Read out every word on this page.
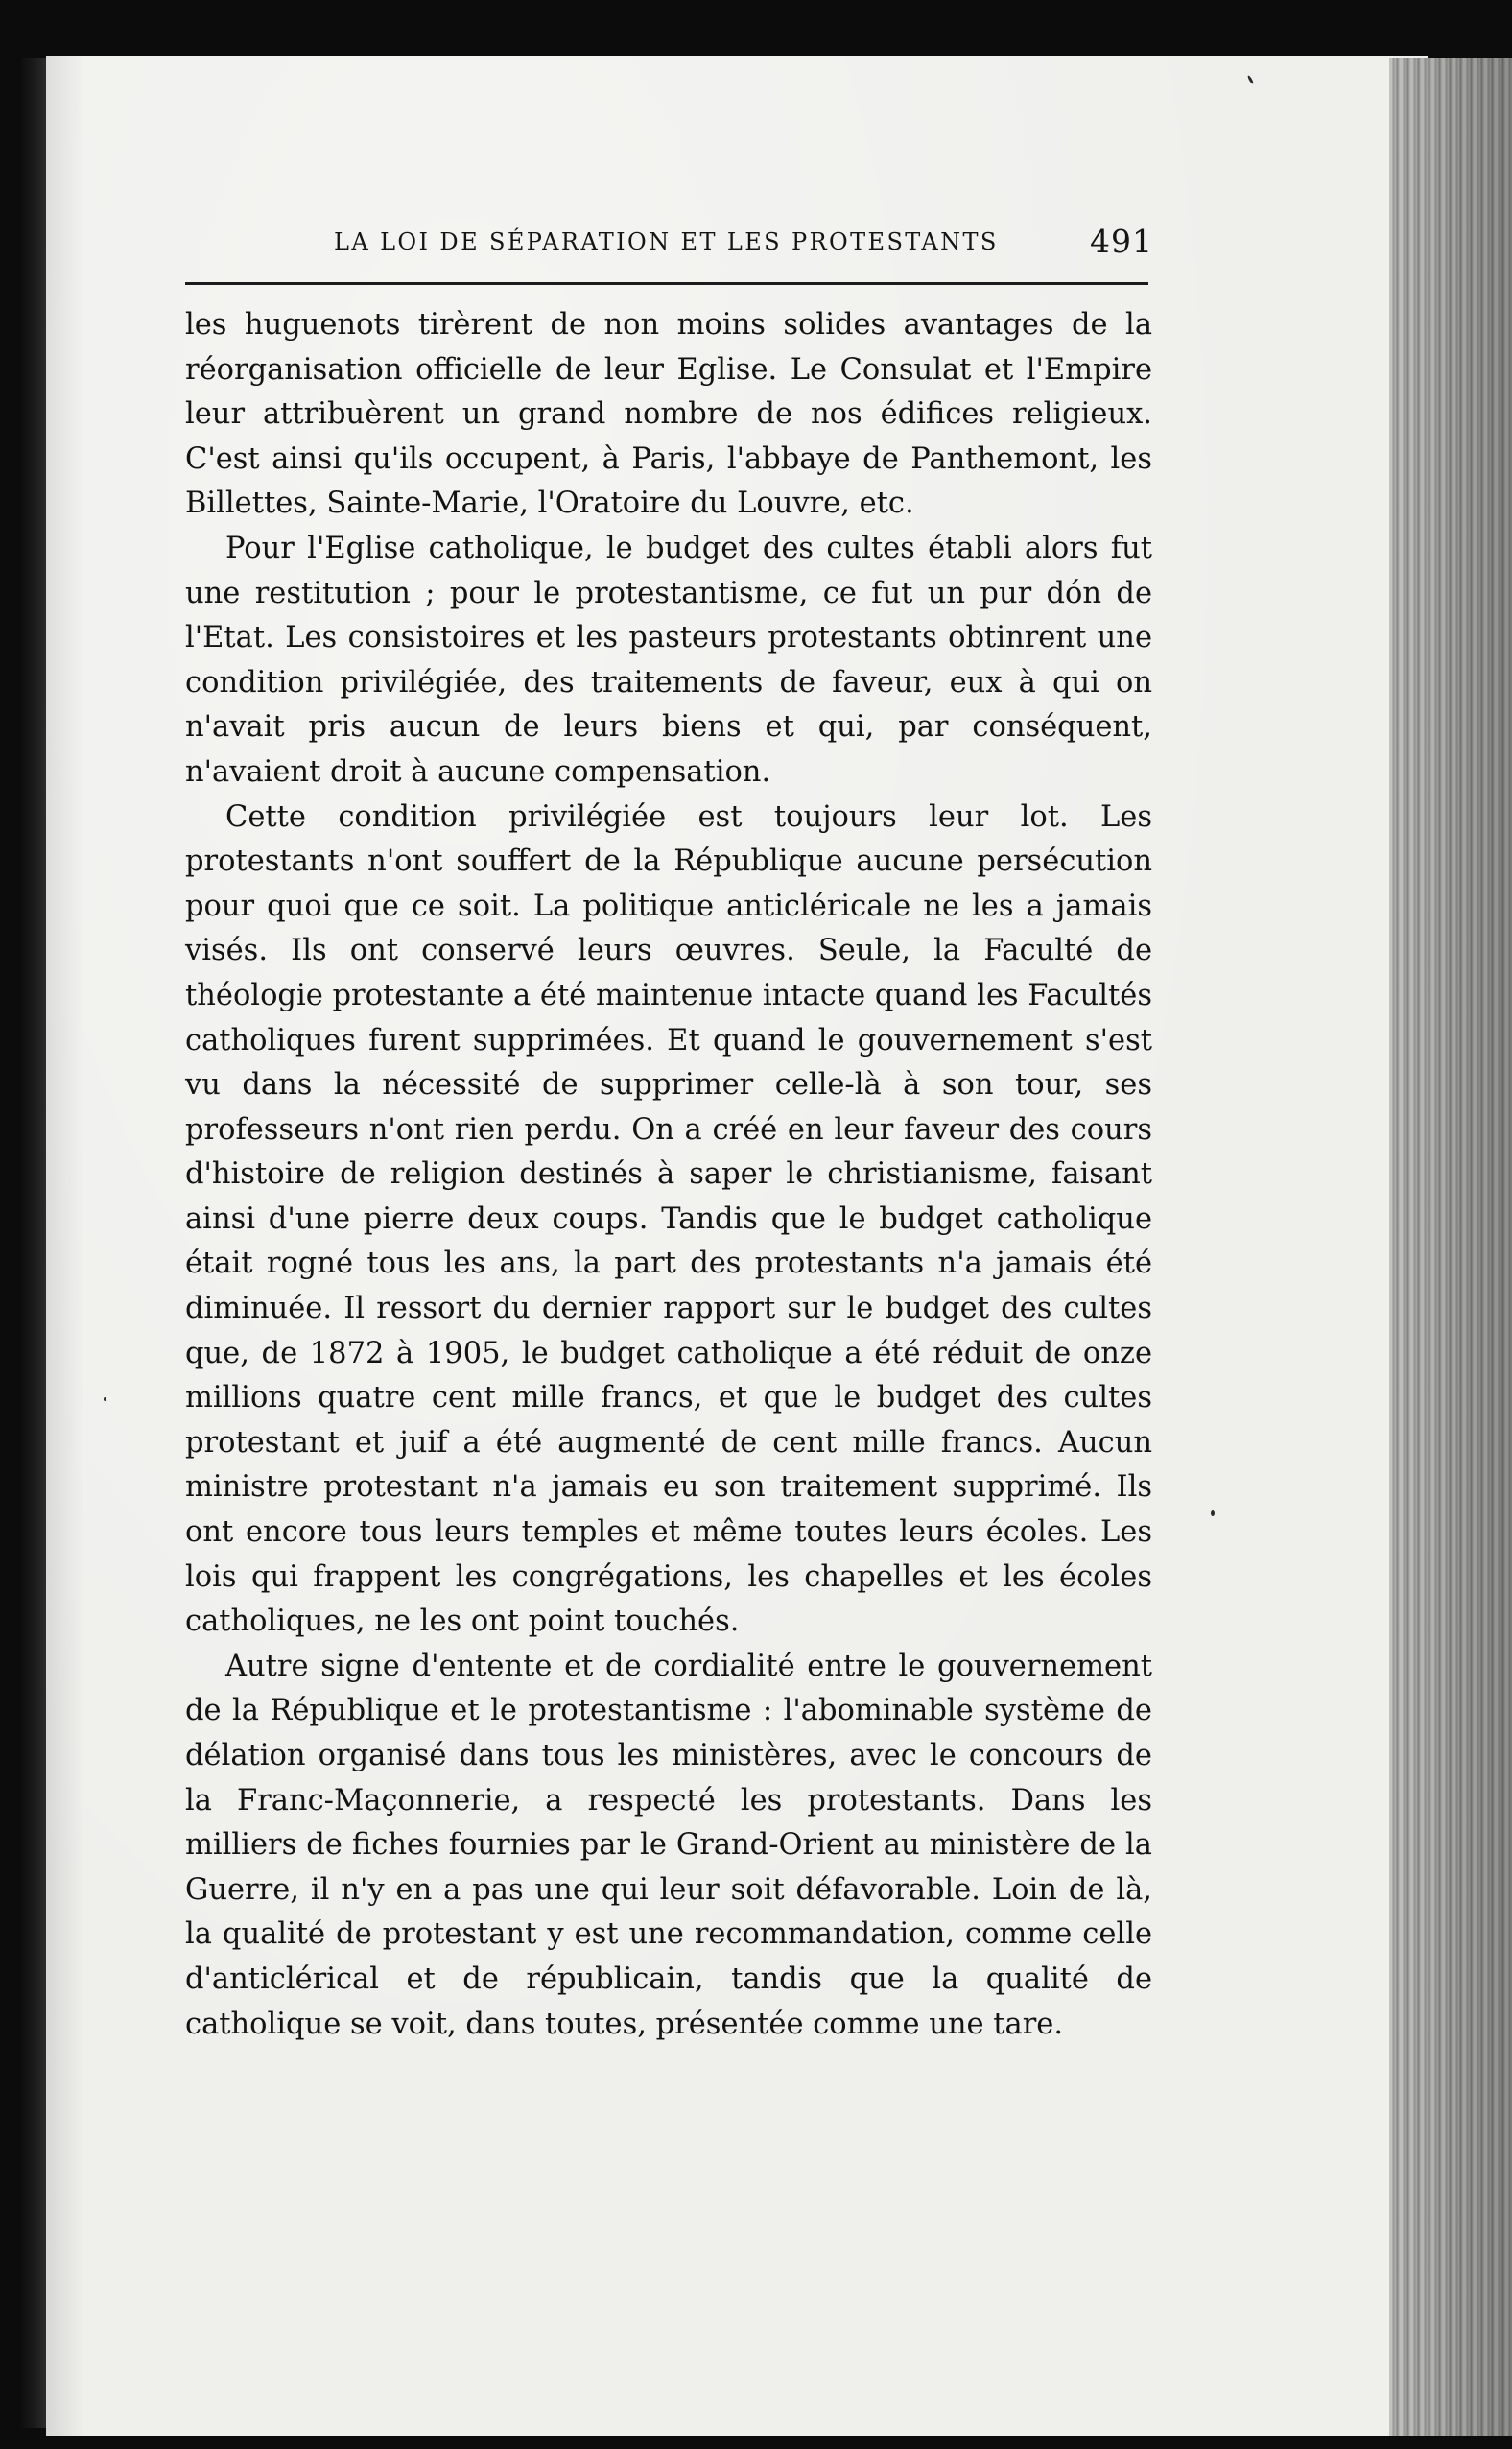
LA LOI DE SÉPARATION ET LES PROTESTANTS	491

les huguenots tirèrent de non moins solides avantages de la réorganisation officielle de leur Eglise. Le Consulat et l'Empire leur attribuèrent un grand nombre de nos édifices religieux. C'est ainsi qu'ils occupent, à Paris, l'abbaye de Panthemont, les Billettes, Sainte-Marie, l'Oratoire du Louvre, etc.

Pour l'Eglise catholique, le budget des cultes établi alors fut une restitution ; pour le protestantisme, ce fut un pur dón de l'Etat. Les consistoires et les pasteurs protestants obtinrent une condition privilégiée, des traitements de faveur, eux à qui on n'avait pris aucun de leurs biens et qui, par conséquent, n'avaient droit à aucune compensation.

Cette condition privilégiée est toujours leur lot. Les protestants n'ont souffert de la République aucune persécution pour quoi que ce soit. La politique anticléricale ne les a jamais visés. Ils ont conservé leurs œuvres. Seule, la Faculté de théologie protestante a été maintenue intacte quand les Facultés catholiques furent supprimées. Et quand le gouvernement s'est vu dans la nécessité de supprimer celle-là à son tour, ses professeurs n'ont rien perdu. On a créé en leur faveur des cours d'histoire de religion destinés à saper le christianisme, faisant ainsi d'une pierre deux coups. Tandis que le budget catholique était rogné tous les ans, la part des protestants n'a jamais été diminuée. Il ressort du dernier rapport sur le budget des cultes que, de 1872 à 1905, le budget catholique a été réduit de onze millions quatre cent mille francs, et que le budget des cultes protestant et juif a été augmenté de cent mille francs. Aucun ministre protestant n'a jamais eu son traitement supprimé. Ils ont encore tous leurs temples et même toutes leurs écoles. Les lois qui frappent les congrégations, les chapelles et les écoles catholiques, ne les ont point touchés.

Autre signe d'entente et de cordialité entre le gouvernement de la République et le protestantisme : l'abominable système de délation organisé dans tous les ministères, avec le concours de la Franc-Maçonnerie, a respecté les protestants. Dans les milliers de fiches fournies par le Grand-Orient au ministère de la Guerre, il n'y en a pas une qui leur soit défavorable. Loin de là, la qualité de protestant y est une recommandation, comme celle d'anticlérical et de républicain, tandis que la qualité de catholique se voit, dans toutes, présentée comme une tare.
